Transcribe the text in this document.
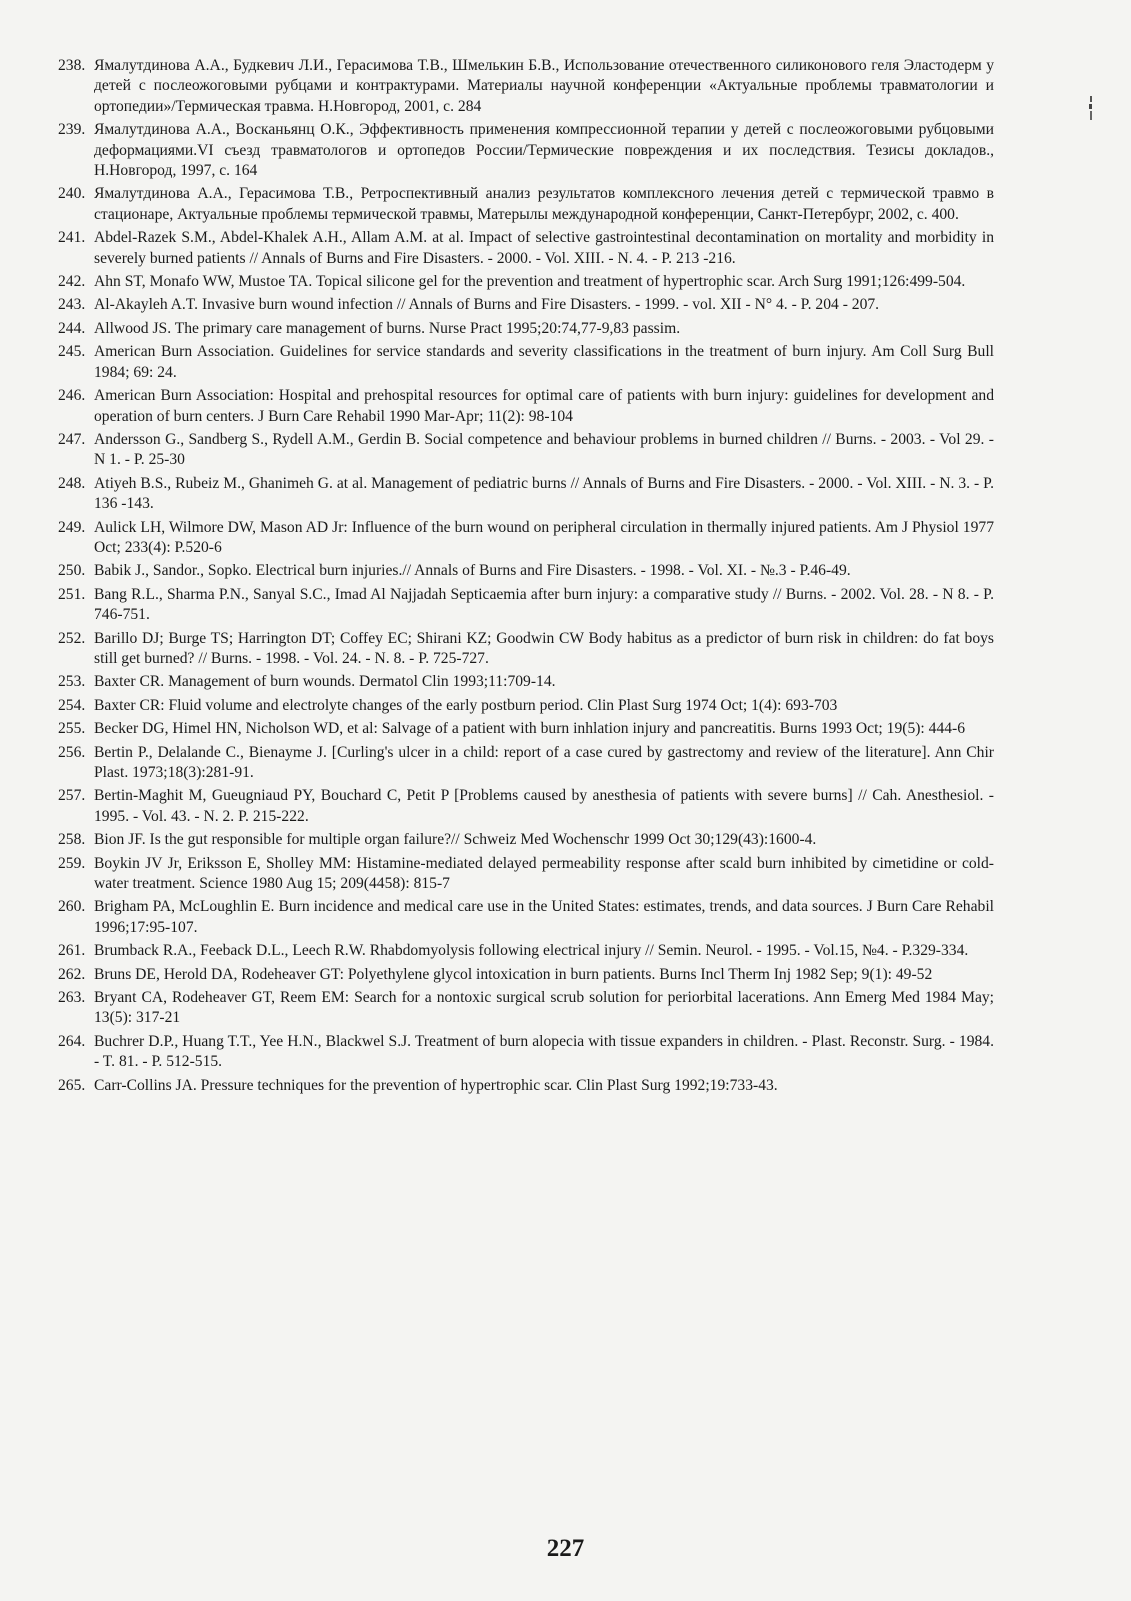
238. Ямалутдинова А.А., Будкевич Л.И., Герасимова Т.В., Шмелькин Б.В., Использование отечественного силиконового геля Эластодерм у детей с послеожоговыми рубцами и контрактурами. Материалы научной конференции «Актуальные проблемы травматологии и ортопедии»/Термическая травма. Н.Новгород, 2001, с. 284
239. Ямалутдинова А.А., Восканьянц О.К., Эффективность применения компрессионной терапии у детей с послеожоговыми рубцовыми деформациями.VI съезд травматологов и ортопедов России/Термические повреждения и их последствия. Тезисы докладов., Н.Новгород, 1997, с. 164
240. Ямалутдинова А.А., Герасимова Т.В., Ретроспективный анализ результатов комплексного лечения детей с термической травмо в стационаре, Актуальные проблемы термической травмы, Матерылы международной конференции, Санкт-Петербург, 2002, с. 400.
241. Abdel-Razek S.M., Abdel-Khalek A.H., Allam A.M. at al. Impact of selective gastrointestinal decontamination on mortality and morbidity in severely burned patients // Annals of Burns and Fire Disasters. - 2000. - Vol. XIII. - N. 4. - P. 213 -216.
242. Ahn ST, Monafo WW, Mustoe TA. Topical silicone gel for the prevention and treatment of hypertrophic scar. Arch Surg 1991;126:499-504.
243. Al-Akayleh A.T. Invasive burn wound infection // Annals of Burns and Fire Disasters. - 1999. - vol. XII - N° 4. - P. 204 - 207.
244. Allwood JS. The primary care management of burns. Nurse Pract 1995;20:74,77-9,83 passim.
245. American Burn Association. Guidelines for service standards and severity classifications in the treatment of burn injury. Am Coll Surg Bull 1984; 69: 24.
246. American Burn Association: Hospital and prehospital resources for optimal care of patients with burn injury: guidelines for development and operation of burn centers. J Burn Care Rehabil 1990 Mar-Apr; 11(2): 98-104
247. Andersson G., Sandberg S., Rydell A.M., Gerdin B. Social competence and behaviour problems in burned children // Burns. - 2003. - Vol 29. - N 1. - P. 25-30
248. Atiyeh B.S., Rubeiz M., Ghanimeh G. at al. Management of pediatric burns // Annals of Burns and Fire Disasters. - 2000. - Vol. XIII. - N. 3. - P. 136 -143.
249. Aulick LH, Wilmore DW, Mason AD Jr: Influence of the burn wound on peripheral circulation in thermally injured patients. Am J Physiol 1977 Oct; 233(4): P.520-6
250. Babik J., Sandor., Sopko. Electrical burn injuries.// Annals of Burns and Fire Disasters. - 1998. - Vol. XI. - №.3 - P.46-49.
251. Bang R.L., Sharma P.N., Sanyal S.C., Imad Al Najjadah Septicaemia after burn injury: a comparative study // Burns. - 2002. Vol. 28. - N 8. - P. 746-751.
252. Barillo DJ; Burge TS; Harrington DT; Coffey EC; Shirani KZ; Goodwin CW Body habitus as a predictor of burn risk in children: do fat boys still get burned? // Burns. - 1998. - Vol. 24. - N. 8. - P. 725-727.
253. Baxter CR. Management of burn wounds. Dermatol Clin 1993;11:709-14.
254. Baxter CR: Fluid volume and electrolyte changes of the early postburn period. Clin Plast Surg 1974 Oct; 1(4): 693-703
255. Becker DG, Himel HN, Nicholson WD, et al: Salvage of a patient with burn inhlation injury and pancreatitis. Burns 1993 Oct; 19(5): 444-6
256. Bertin P., Delalande C., Bienayme J. [Curling's ulcer in a child: report of a case cured by gastrectomy and review of the literature]. Ann Chir Plast. 1973;18(3):281-91.
257. Bertin-Maghit M, Gueugniaud PY, Bouchard C, Petit P [Problems caused by anesthesia of patients with severe burns] // Cah. Anesthesiol. - 1995. - Vol. 43. - N. 2. P. 215-222.
258. Bion JF. Is the gut responsible for multiple organ failure?// Schweiz Med Wochenschr 1999 Oct 30;129(43):1600-4.
259. Boykin JV Jr, Eriksson E, Sholley MM: Histamine-mediated delayed permeability response after scald burn inhibited by cimetidine or cold-water treatment. Science 1980 Aug 15; 209(4458): 815-7
260. Brigham PA, McLoughlin E. Burn incidence and medical care use in the United States: estimates, trends, and data sources. J Burn Care Rehabil 1996;17:95-107.
261. Brumback R.A., Feeback D.L., Leech R.W. Rhabdomyolysis following electrical injury // Semin. Neurol. - 1995. - Vol.15, №4. - P.329-334.
262. Bruns DE, Herold DA, Rodeheaver GT: Polyethylene glycol intoxication in burn patients. Burns Incl Therm Inj 1982 Sep; 9(1): 49-52
263. Bryant CA, Rodeheaver GT, Reem EM: Search for a nontoxic surgical scrub solution for periorbital lacerations. Ann Emerg Med 1984 May; 13(5): 317-21
264. Buchrer D.P., Huang T.T., Yee H.N., Blackwel S.J. Treatment of burn alopecia with tissue expanders in children. - Plast. Reconstr. Surg. - 1984. - T. 81. - P. 512-515.
265. Carr-Collins JA. Pressure techniques for the prevention of hypertrophic scar. Clin Plast Surg 1992;19:733-43.
227
